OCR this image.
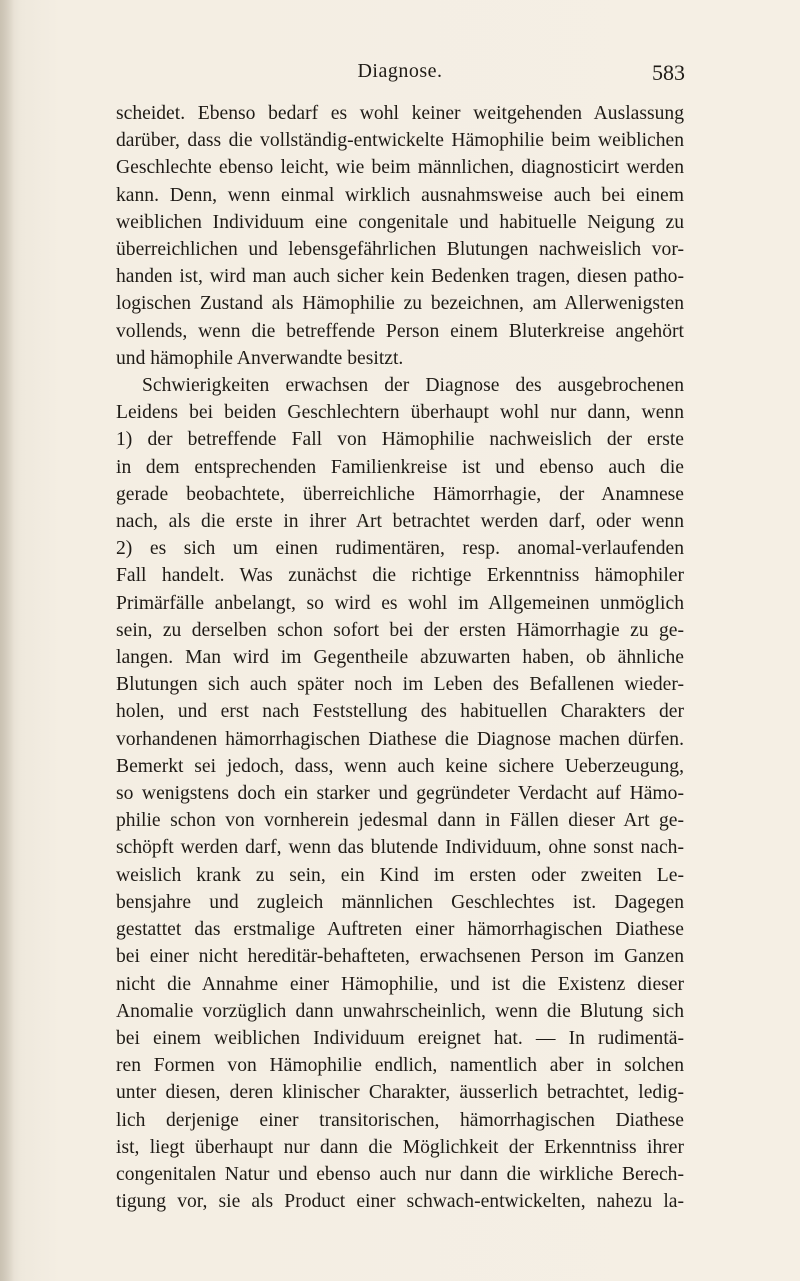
Diagnose.	583
scheidet. Ebenso bedarf es wohl keiner weitgehenden Auslassung
darüber, dass die vollständig-entwickelte Hämophilie beim weiblichen
Geschlechte ebenso leicht, wie beim männlichen, diagnosticirt werden
kann. Denn, wenn einmal wirklich ausnahmsweise auch bei einem
weiblichen Individuum eine congenitale und habituelle Neigung zu
überreichlichen und lebensgefährlichen Blutungen nachweislich vor-
handen ist, wird man auch sicher kein Bedenken tragen, diesen patho-
logischen Zustand als Hämophilie zu bezeichnen, am Allerwenigsten
vollends, wenn die betreffende Person einem Bluterkreise angehört
und hämophile Anverwandte besitzt.
Schwierigkeiten erwachsen der Diagnose des ausgebrochenen
Leidens bei beiden Geschlechtern überhaupt wohl nur dann, wenn
1) der betreffende Fall von Hämophilie nachweislich der erste
in dem entsprechenden Familienkreise ist und ebenso auch die
gerade beobachtete, überreichliche Hämorrhagie, der Anamnese
nach, als die erste in ihrer Art betrachtet werden darf, oder wenn
2) es sich um einen rudimentären, resp. anomal-verlaufenden
Fall handelt. Was zunächst die richtige Erkenntniss hämophiler
Primärfälle anbelangt, so wird es wohl im Allgemeinen unmöglich
sein, zu derselben schon sofort bei der ersten Hämorrhagie zu ge-
langen. Man wird im Gegentheile abzuwarten haben, ob ähnliche
Blutungen sich auch später noch im Leben des Befallenen wieder-
holen, und erst nach Feststellung des habituellen Charakters der
vorhandenen hämorrhagischen Diathese die Diagnose machen dürfen.
Bemerkt sei jedoch, dass, wenn auch keine sichere Ueberzeugung,
so wenigstens doch ein starker und gegründeter Verdacht auf Hämo-
philie schon von vornherein jedesmal dann in Fällen dieser Art ge-
schöpft werden darf, wenn das blutende Individuum, ohne sonst nach-
weislich krank zu sein, ein Kind im ersten oder zweiten Le-
bensjahre und zugleich männlichen Geschlechtes ist. Dagegen
gestattet das erstmalige Auftreten einer hämorrhagischen Diathese
bei einer nicht hereditär-behafteten, erwachsenen Person im Ganzen
nicht die Annahme einer Hämophilie, und ist die Existenz dieser
Anomalie vorzüglich dann unwahrscheinlich, wenn die Blutung sich
bei einem weiblichen Individuum ereignet hat. — In rudimentä-
ren Formen von Hämophilie endlich, namentlich aber in solchen
unter diesen, deren klinischer Charakter, äusserlich betrachtet, ledig-
lich derjenige einer transitorischen, hämorrhagischen Diathese
ist, liegt überhaupt nur dann die Möglichkeit der Erkenntniss ihrer
congenitalen Natur und ebenso auch nur dann die wirkliche Berech-
tigung vor, sie als Product einer schwach-entwickelten, nahezu la-
